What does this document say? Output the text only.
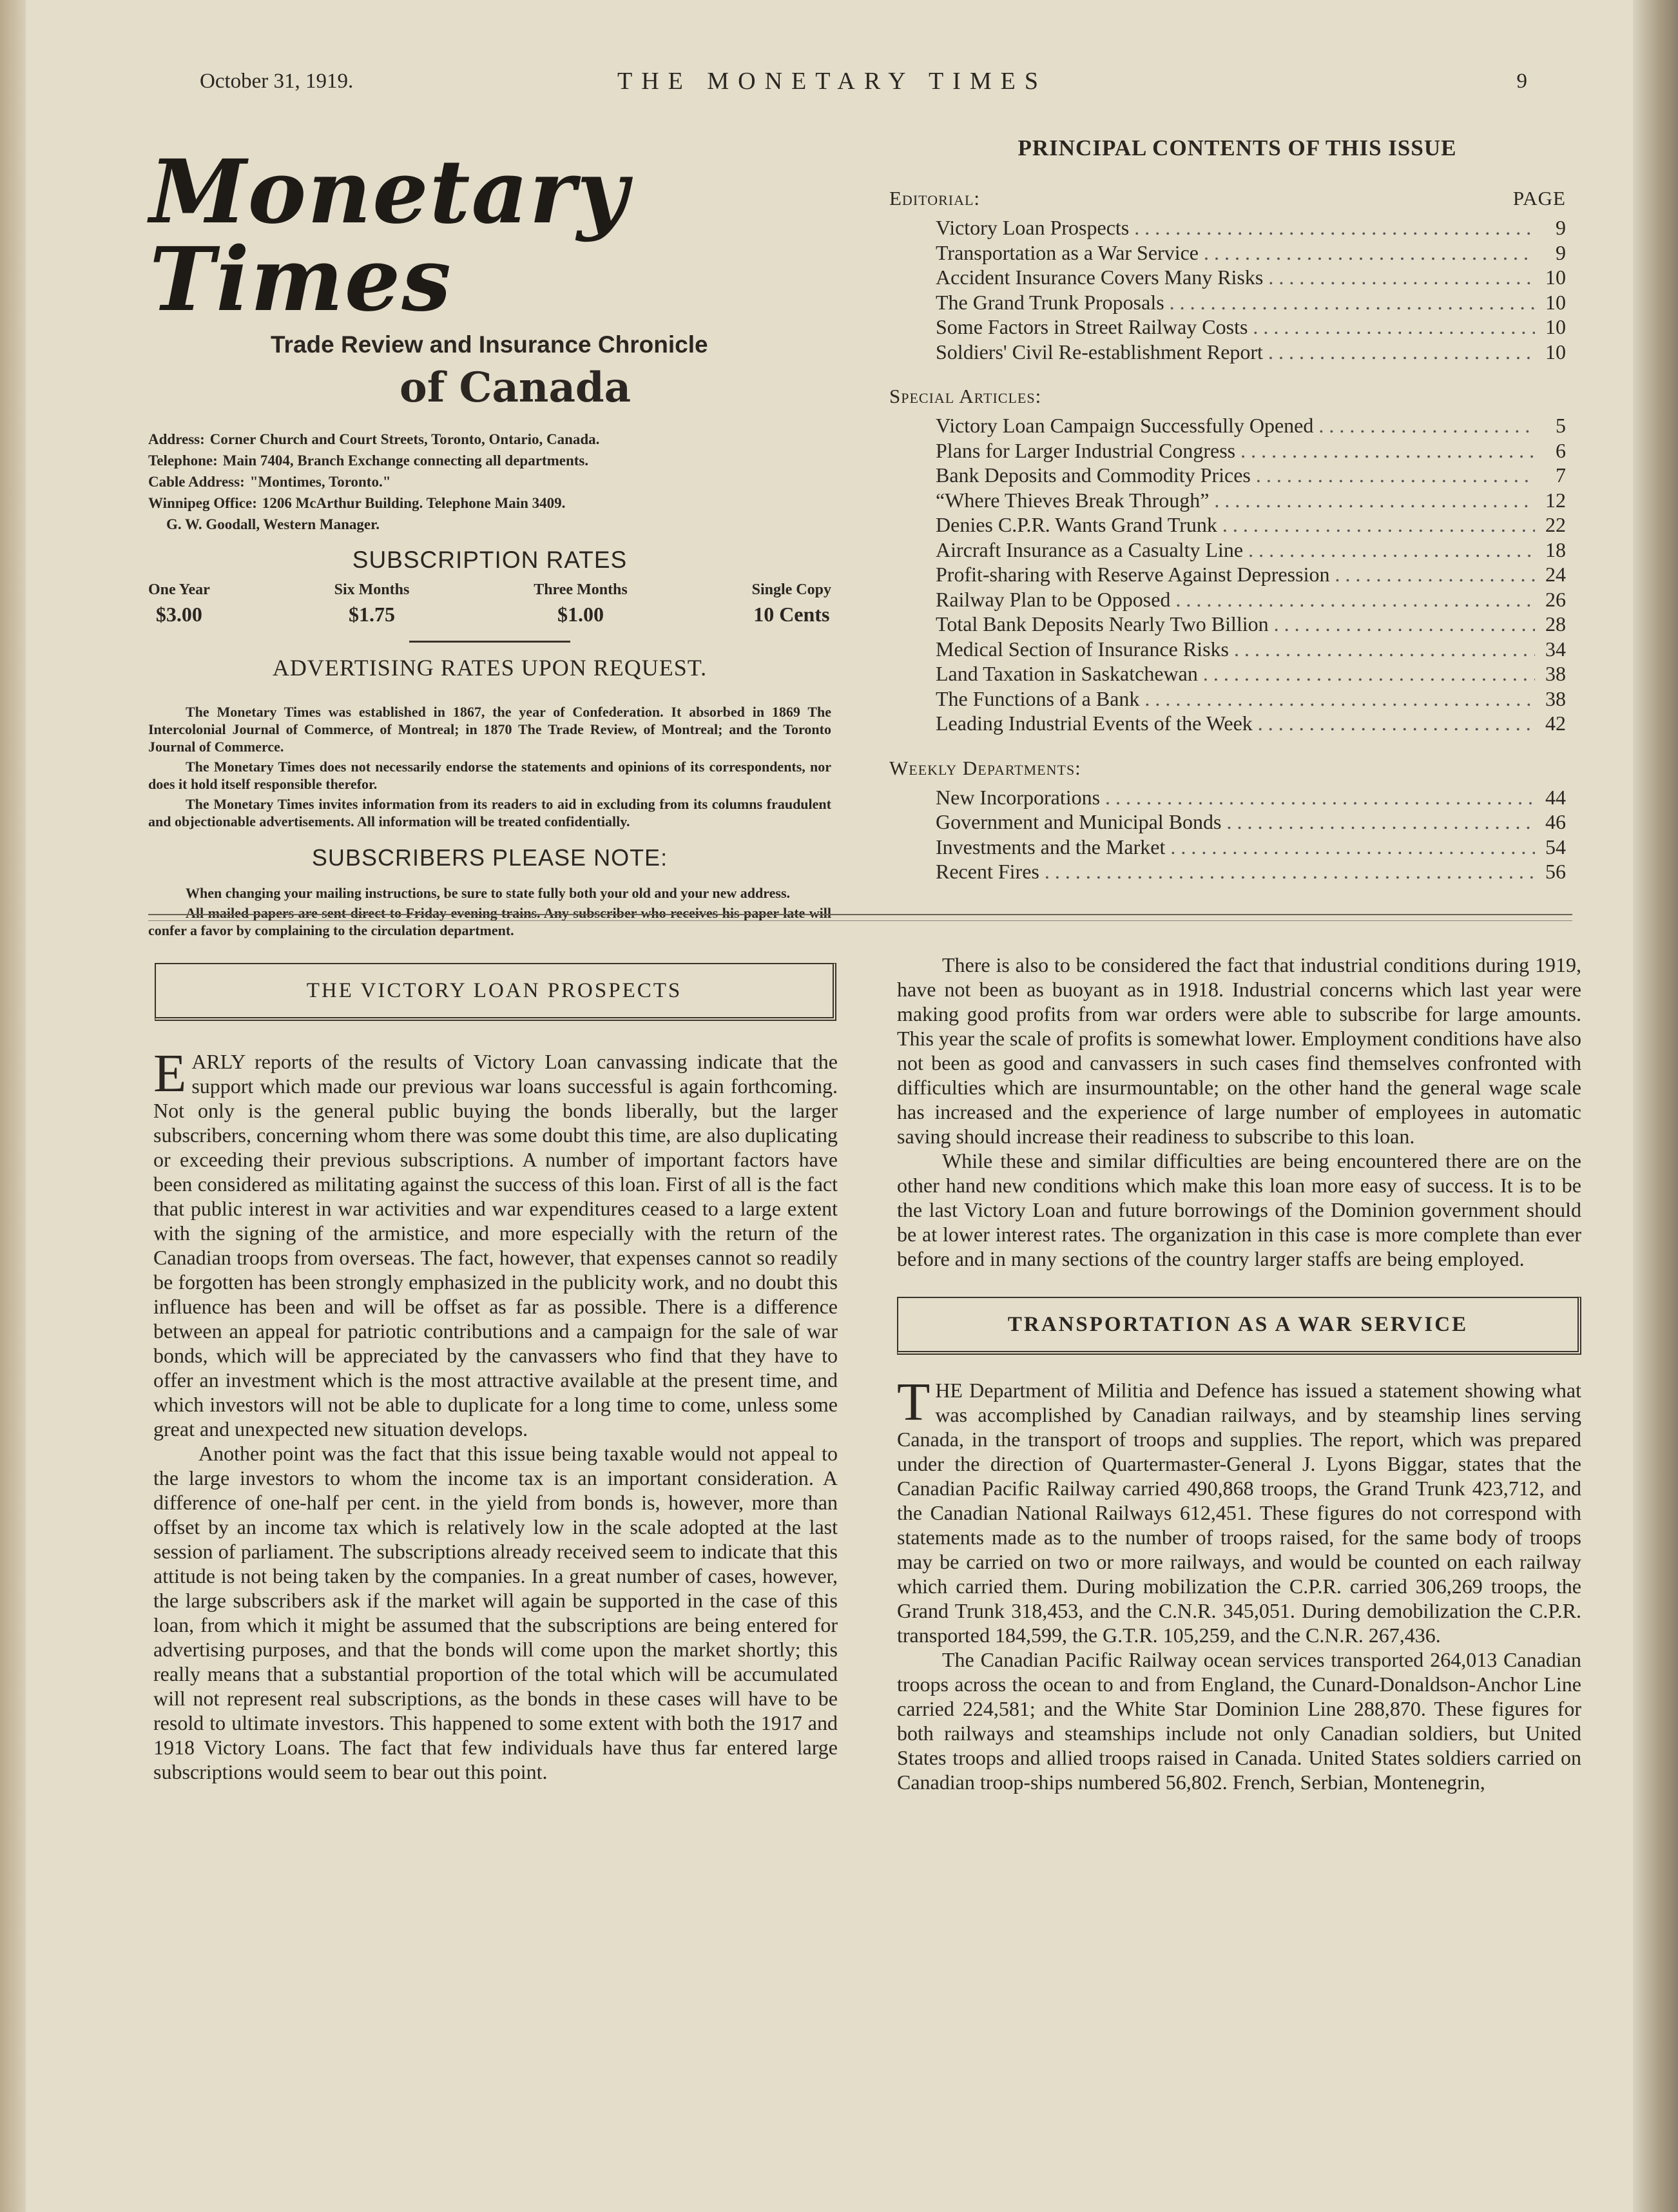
October 31, 1919.	THE MONETARY TIMES	9
Monetary Times
Trade Review and Insurance Chronicle
of Canada
Address: Corner Church and Court Streets, Toronto, Ontario, Canada.
Telephone: Main 7404, Branch Exchange connecting all departments.
Cable Address: "Montimes, Toronto."
Winnipeg Office: 1206 McArthur Building. Telephone Main 3409.
G. W. Goodall, Western Manager.
SUBSCRIPTION RATES
One Year
$3.00
Six Months
$1.75
Three Months
$1.00
Single Copy
10 Cents
ADVERTISING RATES UPON REQUEST.

The Monetary Times was established in 1867, the year of Confederation. It absorbed in 1869 The Intercolonial Journal of Commerce, of Montreal; in 1870 The Trade Review, of Montreal; and the Toronto Journal of Commerce.

The Monetary Times does not necessarily endorse the statements and opinions of its correspondents, nor does it hold itself responsible therefor.

The Monetary Times invites information from its readers to aid in excluding from its columns fraudulent and objectionable advertisements. All information will be treated confidentially.

SUBSCRIBERS PLEASE NOTE:

When changing your mailing instructions, be sure to state fully both your old and your new address.

All mailed papers are sent direct to Friday evening trains. Any subscriber who receives his paper late will confer a favor by complaining to the circulation department.

PRINCIPAL CONTENTS OF THIS ISSUE
Editorial:	PAGE
Victory Loan Prospects . . .	9
Transportation as a War Service . . .	9
Accident Insurance Covers Many Risks . . .	10
The Grand Trunk Proposals . . .	10
Some Factors in Street Railway Costs . . .	10
Soldiers' Civil Re-establishment Report . . .	10
Special Articles:
Victory Loan Campaign Successfully Opened . . .	5
Plans for Larger Industrial Congress . . .	6
Bank Deposits and Commodity Prices . . .	7
“Where Thieves Break Through” . . .	12
Denies C.P.R. Wants Grand Trunk . . .	22
Aircraft Insurance as a Casualty Line . . .	18
Profit-sharing with Reserve Against Depression . . .	24
Railway Plan to be Opposed . . .	26
Total Bank Deposits Nearly Two Billion . . .	28
Medical Section of Insurance Risks . . .	34
Land Taxation in Saskatchewan . . .	38
The Functions of a Bank . . .	38
Leading Industrial Events of the Week . . .	42
Weekly Departments:
New Incorporations . . .	44
Government and Municipal Bonds . . .	46
Investments and the Market . . .	54
Recent Fires . . .	56
THE VICTORY LOAN PROSPECTS

EARLY reports of the results of Victory Loan canvassing indicate that the support which made our previous war loans successful is again forthcoming. Not only is the general public buying the bonds liberally, but the larger subscribers, concerning whom there was some doubt this time, are also duplicating or exceeding their previous subscriptions. A number of important factors have been considered as militating against the success of this loan. First of all is the fact that public interest in war activities and war expenditures ceased to a large extent with the signing of the armistice, and more especially with the return of the Canadian troops from overseas. The fact, however, that expenses cannot so readily be forgotten has been strongly emphasized in the publicity work, and no doubt this influence has been and will be offset as far as possible. There is a difference between an appeal for patriotic contributions and a campaign for the sale of war bonds, which will be appreciated by the canvassers who find that they have to offer an investment which is the most attractive available at the present time, and which investors will not be able to duplicate for a long time to come, unless some great and unexpected new situation develops.

Another point was the fact that this issue being taxable would not appeal to the large investors to whom the income tax is an important consideration. A difference of one-half per cent. in the yield from bonds is, however, more than offset by an income tax which is relatively low in the scale adopted at the last session of parliament. The subscriptions already received seem to indicate that this attitude is not being taken by the companies. In a great number of cases, however, the large subscribers ask if the market will again be supported in the case of this loan, from which it might be assumed that the subscriptions are being entered for advertising purposes, and that the bonds will come upon the market shortly; this really means that a substantial proportion of the total which will be accumulated will not represent real subscriptions, as the bonds in these cases will have to be resold to ultimate investors. This happened to some extent with both the 1917 and 1918 Victory Loans. The fact that few individuals have thus far entered large subscriptions would seem to bear out this point.

There is also to be considered the fact that industrial conditions during 1919, have not been as buoyant as in 1918. Industrial concerns which last year were making good profits from war orders were able to subscribe for large amounts. This year the scale of profits is somewhat lower. Employment conditions have also not been as good and canvassers in such cases find themselves confronted with difficulties which are insurmountable; on the other hand the general wage scale has increased and the experience of large number of employees in automatic saving should increase their readiness to subscribe to this loan.

While these and similar difficulties are being encountered there are on the other hand new conditions which make this loan more easy of success. It is to be the last Victory Loan and future borrowings of the Dominion government should be at lower interest rates. The organization in this case is more complete than ever before and in many sections of the country larger staffs are being employed.

TRANSPORTATION AS A WAR SERVICE

THE Department of Militia and Defence has issued a statement showing what was accomplished by Canadian railways, and by steamship lines serving Canada, in the transport of troops and supplies. The report, which was prepared under the direction of Quartermaster-General J. Lyons Biggar, states that the Canadian Pacific Railway carried 490,868 troops, the Grand Trunk 423,712, and the Canadian National Railways 612,451. These figures do not correspond with statements made as to the number of troops raised, for the same body of troops may be carried on two or more railways, and would be counted on each railway which carried them. During mobilization the C.P.R. carried 306,269 troops, the Grand Trunk 318,453, and the C.N.R. 345,051. During demobilization the C.P.R. transported 184,599, the G.T.R. 105,259, and the C.N.R. 267,436.

The Canadian Pacific Railway ocean services transported 264,013 Canadian troops across the ocean to and from England, the Cunard-Donaldson-Anchor Line carried 224,581; and the White Star Dominion Line 288,870. These figures for both railways and steamships include not only Canadian soldiers, but United States troops and allied troops raised in Canada. United States soldiers carried on Canadian troop-ships numbered 56,802. French, Serbian, Montenegrin,
